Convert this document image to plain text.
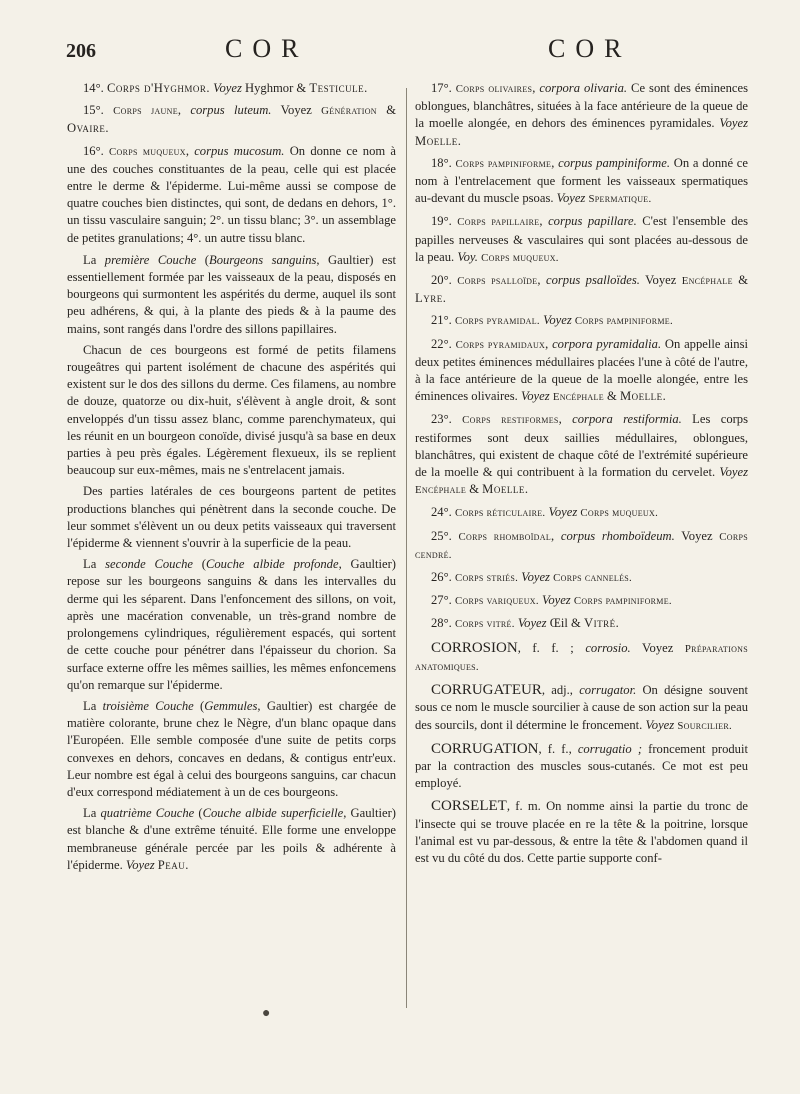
206	COR	COR

14°. Corps d'Hyghmor. Voyez Hyghmor & Testicule.

15°. Corps jaune, corpus luteum. Voyez Génération & Ovaire.

16°. Corps muqueux, corpus mucosum. On donne ce nom à une des couches constituantes de la peau, celle qui est placée entre le derme & l'épiderme. Lui-même aussi se compose de quatre couches bien distinctes, qui sont, de dedans en dehors, 1°. un tissu vasculaire sanguin; 2°. un tissu blanc; 3°. un assemblage de petites granulations; 4°. un autre tissu blanc.

La première Couche (Bourgeons sanguins, Gaultier) est essentiellement formée par les vaisseaux de la peau, disposés en bourgeons qui surmontent les aspérités du derme, auquel ils sont peu adhérens, & qui, à la plante des pieds & à la paume des mains, sont rangés dans l'ordre des sillons papillaires.

Chacun de ces bourgeons est formé de petits filamens rougeâtres qui partent isolément de chacune des aspérités qui existent sur le dos des sillons du derme. Ces filamens, au nombre de douze, quatorze ou dix-huit, s'élèvent à angle droit, & sont enveloppés d'un tissu assez blanc, comme parenchymateux, qui les réunit en un bourgeon conoïde, divisé jusqu'à sa base en deux parties à peu près égales. Légèrement flexueux, ils se replient beaucoup sur eux-mêmes, mais ne s'entrelacent jamais.

Des parties latérales de ces bourgeons partent de petites productions blanches qui pénètrent dans la seconde couche. De leur sommet s'élèvent un ou deux petits vaisseaux qui traversent l'épiderme & viennent s'ouvrir à la superficie de la peau.

La seconde Couche (Couche albide profonde, Gaultier) repose sur les bourgeons sanguins & dans les intervalles du derme qui les séparent. Dans l'enfoncement des sillons, on voit, après une macération convenable, un très-grand nombre de prolongemens cylindriques, régulièrement espacés, qui sortent de cette couche pour pénétrer dans l'épaisseur du chorion. Sa surface externe offre les mêmes saillies, les mêmes enfoncemens qu'on remarque sur l'épiderme.

La troisième Couche (Gemmules, Gaultier) est chargée de matière colorante, brune chez le Nègre, d'un blanc opaque dans l'Européen. Elle semble composée d'une suite de petits corps convexes en dehors, concaves en dedans, & contigus entr'eux. Leur nombre est égal à celui des bourgeons sanguins, car chacun d'eux correspond médiatement à un de ces bourgeons.

La quatrième Couche (Couche albide superficielle, Gaultier) est blanche & d'une extrême ténuité. Elle forme une enveloppe membraneuse générale percée par les poils & adhérente à l'épiderme. Voyez Peau.

17°. Corps olivaires, corpora olivaria. Ce sont des éminences oblongues, blanchâtres, situées à la face antérieure de la queue de la moelle alongée, en dehors des éminences pyramidales. Voyez Moelle.

18°. Corps pampiniforme, corpus pampiniforme. On a donné ce nom à l'entrelacement que forment les vaisseaux spermatiques au-devant du muscle psoas. Voyez Spermatique.

19°. Corps papillaire, corpus papillare. C'est l'ensemble des papilles nerveuses & vasculaires qui sont placées au-dessous de la peau. Voy. Corps muqueux.

20°. Corps psalloïde, corpus psalloïdes. Voyez Encéphale & Lyre.

21°. Corps pyramidal. Voyez Corps pampiniforme.

22°. Corps pyramidaux, corpora pyramidalia. On appelle ainsi deux petites éminences médullaires placées l'une à côté de l'autre, à la face antérieure de la queue de la moelle alongée, entre les éminences olivaires. Voyez Encéphale & Moelle.

23°. Corps restiformes, corpora restiformia. Les corps restiformes sont deux saillies médullaires, oblongues, blanchâtres, qui existent de chaque côté de l'extrémité supérieure de la moelle & qui contribuent à la formation du cervelet. Voyez Encéphale & Moelle.

24°. Corps réticulaire. Voyez Corps muqueux.

25°. Corps rhomboïdal, corpus rhomboïdeum. Voyez Corps cendré.

26°. Corps striés. Voyez Corps cannelés.

27°. Corps variqueux. Voyez Corps pampiniforme.

28°. Corps vitré. Voyez Œil & Vitré.

CORROSION, f. f. ; corrosio. Voyez Préparations anatomiques.

CORRUGATEUR, adj., corrugator. On désigne souvent sous ce nom le muscle sourcilier à cause de son action sur la peau des sourcils, dont il détermine le froncement. Voyez Sourcilier.

CORRUGATION, f. f., corrugatio ; froncement produit par la contraction des muscles sous-cutanés. Ce mot est peu employé.

CORSELET, f. m. On nomme ainsi la partie du tronc de l'insecte qui se trouve placée en re la tête & la poitrine, lorsque l'animal est vu par-dessous, & entre la tête & l'abdomen quand il est vu du côté du dos. Cette partie supporte conf-

●
